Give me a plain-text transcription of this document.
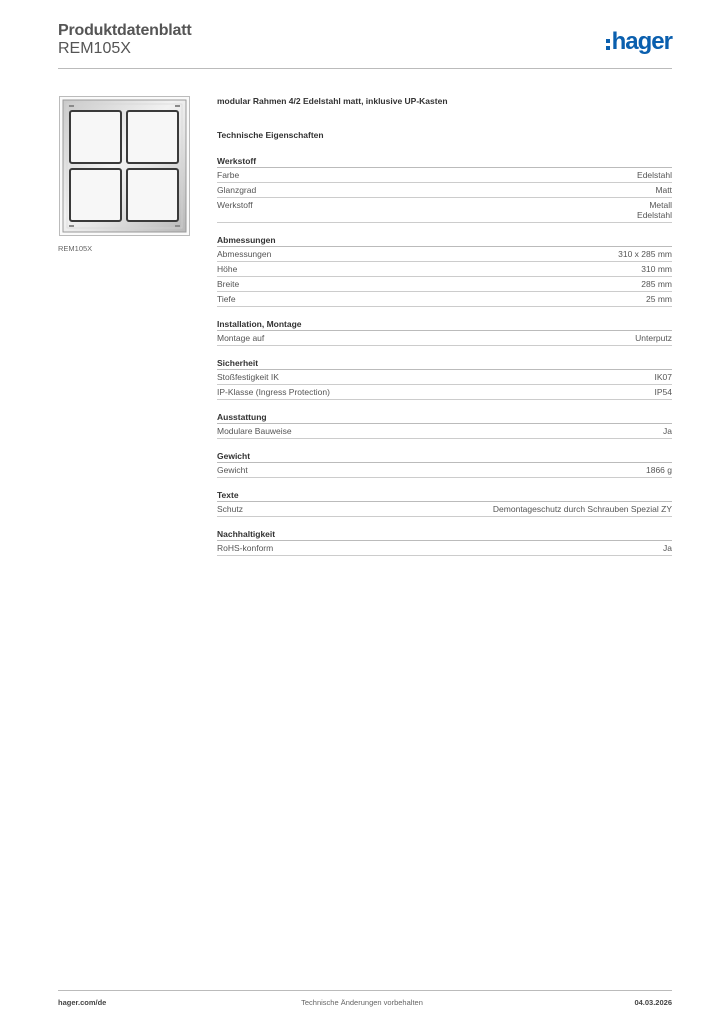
Produktdatenblatt
REM105X	hager
REM105X
modular Rahmen 4/2 Edelstahl matt, inklusive UP-Kasten
Technische Eigenschaften
Werkstoff
Farbe	Edelstahl
Glanzgrad	Matt
Werkstoff	Metall
Edelstahl
Abmessungen
Abmessungen	310 x 285 mm
Höhe	310 mm
Breite	285 mm
Tiefe	25 mm
Installation, Montage
Montage auf	Unterputz
Sicherheit
Stoßfestigkeit IK	IK07
IP-Klasse (Ingress Protection)	IP54
Ausstattung
Modulare Bauweise	Ja
Gewicht
Gewicht	1866 g
Texte
Schutz	Demontageschutz durch Schrauben Spezial ZY
Nachhaltigkeit
RoHS-konform	Ja
hager.com/de	Technische Änderungen vorbehalten	04.03.2026
